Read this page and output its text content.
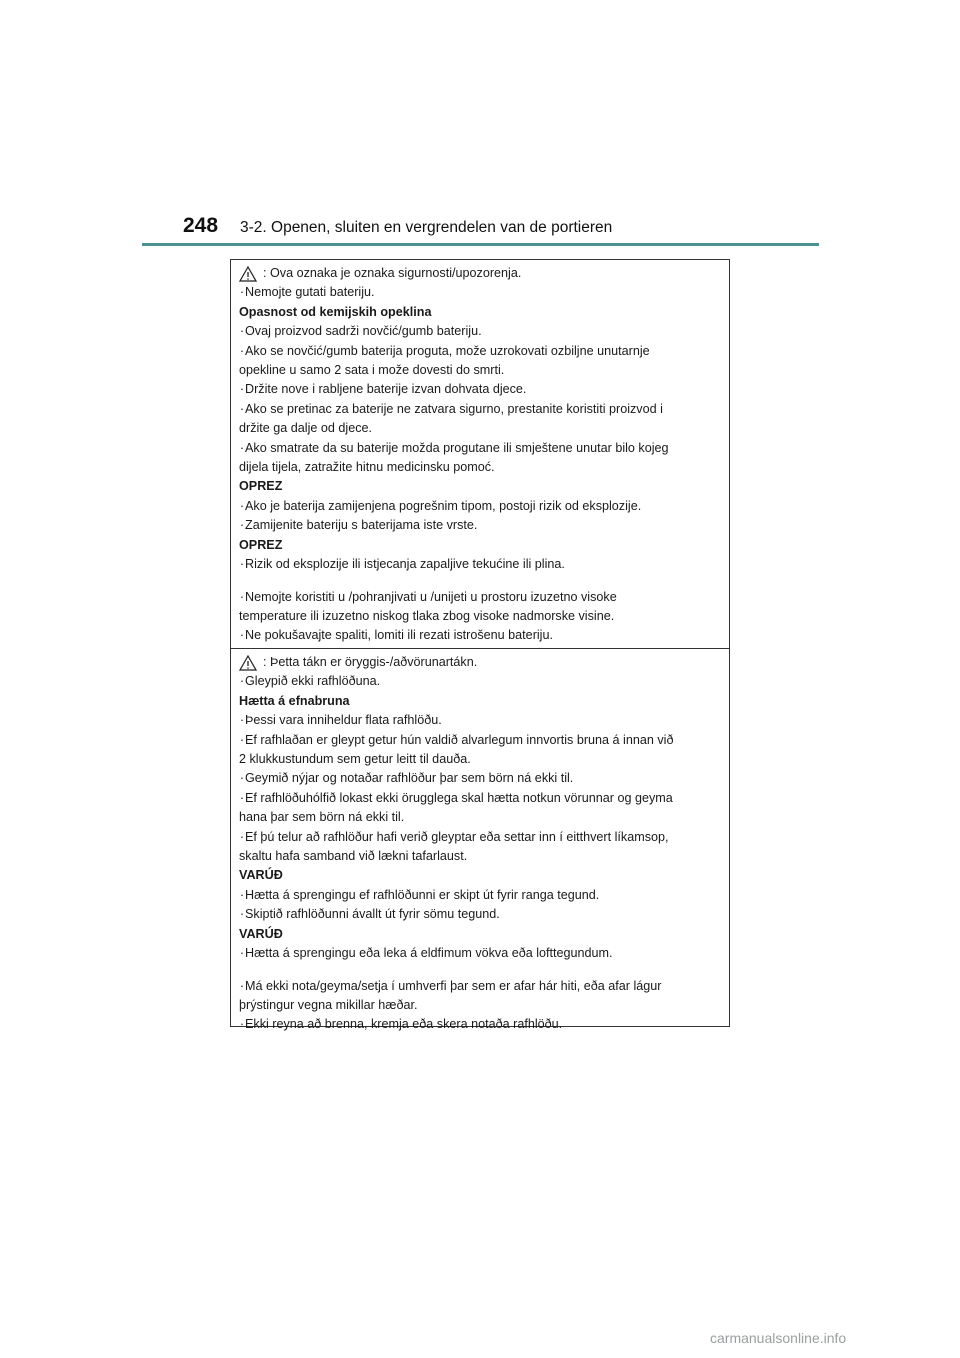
248 3-2. Openen, sluiten en vergrendelen van de portieren
: Ova oznaka je oznaka sigurnosti/upozorenja.
·Nemojte gutati bateriju.
Opasnost od kemijskih opeklina
·Ovaj proizvod sadrži novčić/gumb bateriju.
·Ako se novčić/gumb baterija proguta, može uzrokovati ozbiljne unutarnje
opekline u samo 2 sata i može dovesti do smrti.
·Držite nove i rabljene baterije izvan dohvata djece.
·Ako se pretinac za baterije ne zatvara sigurno, prestanite koristiti proizvod i
držite ga dalje od djece.
·Ako smatrate da su baterije možda progutane ili smještene unutar bilo kojeg
dijela tijela, zatražite hitnu medicinsku pomoć.
OPREZ
·Ako je baterija zamijenjena pogrešnim tipom, postoji rizik od eksplozije.
·Zamijenite bateriju s baterijama iste vrste.
OPREZ
·Rizik od eksplozije ili istjecanja zapaljive tekućine ili plina.
·Nemojte koristiti u /pohranjivati u /unijeti u prostoru izuzetno visoke
temperature ili izuzetno niskog tlaka zbog visoke nadmorske visine.
·Ne pokušavajte spaliti, lomiti ili rezati istrošenu bateriju.
: Þetta tákn er öryggis-/aðvörunartákn.
·Gleypið ekki rafhlöðuna.
Hætta á efnabruna
·Þessi vara inniheldur flata rafhlöðu.
·Ef rafhlaðan er gleypt getur hún valdið alvarlegum innvortis bruna á innan við
2 klukkustundum sem getur leitt til dauða.
·Geymið nýjar og notaðar rafhlöður þar sem börn ná ekki til.
·Ef rafhlöðuhólfið lokast ekki örugglega skal hætta notkun vörunnar og geyma
hana þar sem börn ná ekki til.
·Ef þú telur að rafhlöður hafi verið gleyptar eða settar inn í eitthvert líkamsop,
skaltu hafa samband við lækni tafarlaust.
VARÚÐ
·Hætta á sprengingu ef rafhlöðunni er skipt út fyrir ranga tegund.
·Skiptið rafhlöðunni ávallt út fyrir sömu tegund.
VARÚÐ
·Hætta á sprengingu eða leka á eldfimum vökva eða lofttegundum.
·Má ekki nota/geyma/setja í umhverfi þar sem er afar hár hiti, eða afar lágur
þrýstingur vegna mikillar hæðar.
·Ekki reyna að brenna, kremja eða skera notaða rafhlöðu.
carmanualsonline.info
